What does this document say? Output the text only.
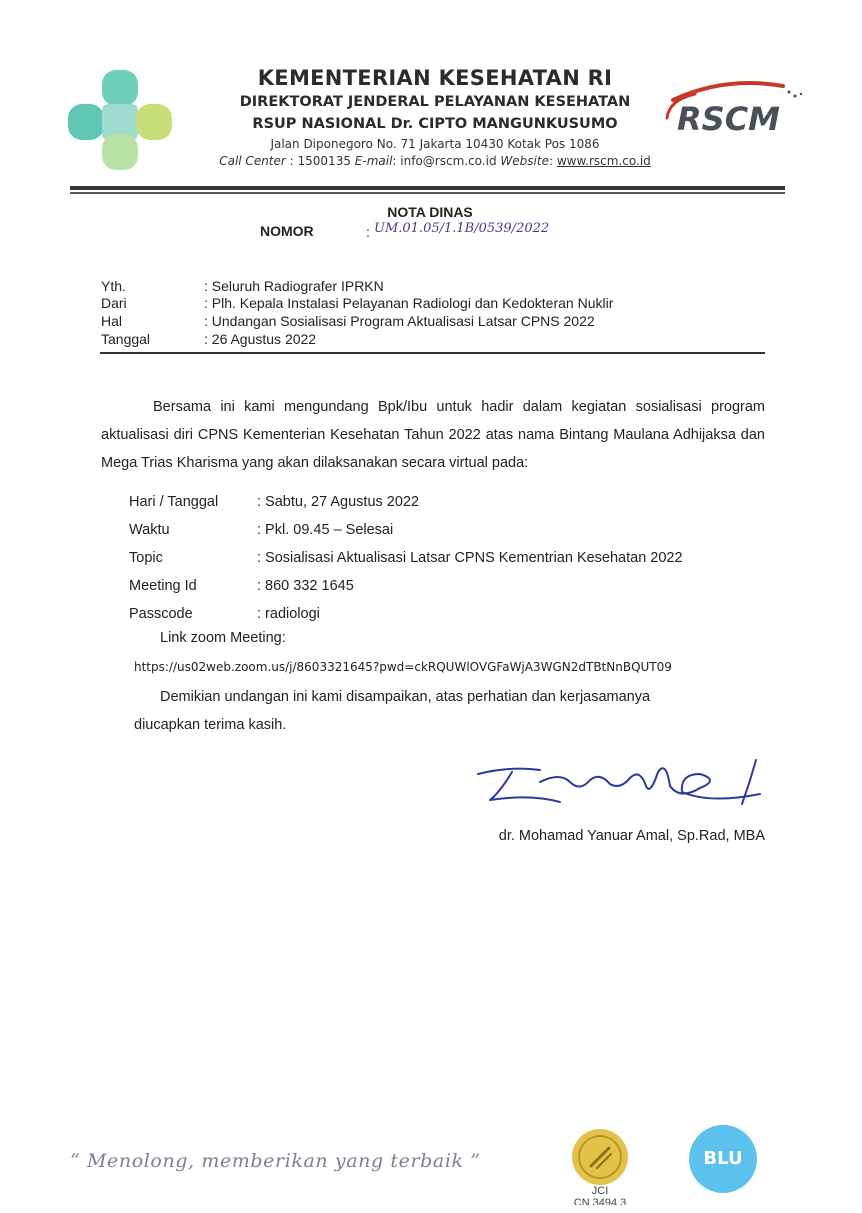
KEMENTERIAN KESEHATAN RI
DIREKTORAT JENDERAL PELAYANAN KESEHATAN
RSUP NASIONAL Dr. CIPTO MANGUNKUSUMO
Jalan Diponegoro No. 71 Jakarta 10430 Kotak Pos 1086
Call Center : 1500135 E-mail: info@rscm.co.id Website: www.rscm.co.id
RSCM
NOTA DINAS
NOMOR	: UM.01.05/1.1B/0539/2022
Yth.	: Seluruh Radiografer IPRKN
Dari	: Plh. Kepala Instalasi Pelayanan Radiologi dan Kedokteran Nuklir
Hal	: Undangan Sosialisasi Program Aktualisasi Latsar CPNS 2022
Tanggal	: 26 Agustus 2022

Bersama ini kami mengundang Bpk/Ibu untuk hadir dalam kegiatan sosialisasi program aktualisasi diri CPNS Kementerian Kesehatan Tahun 2022 atas nama Bintang Maulana Adhijaksa dan Mega Trias Kharisma yang akan dilaksanakan secara virtual pada:

Hari / Tanggal	: Sabtu, 27 Agustus 2022
Waktu	: Pkl. 09.45 – Selesai
Topic	: Sosialisasi Aktualisasi Latsar CPNS Kementrian Kesehatan 2022
Meeting Id	: 860 332 1645
Passcode	: radiologi
Link zoom Meeting:
https://us02web.zoom.us/j/8603321645?pwd=ckRQUWlOVGFaWjA3WGN2dTBtNnBQUT09
Demikian undangan ini kami disampaikan, atas perhatian dan kerjasamanya
diucapkan terima kasih.
dr. Mohamad Yanuar Amal, Sp.Rad, MBA
“ Menolong, memberikan yang terbaik ”
JCI
CN 3494.3
BLU
